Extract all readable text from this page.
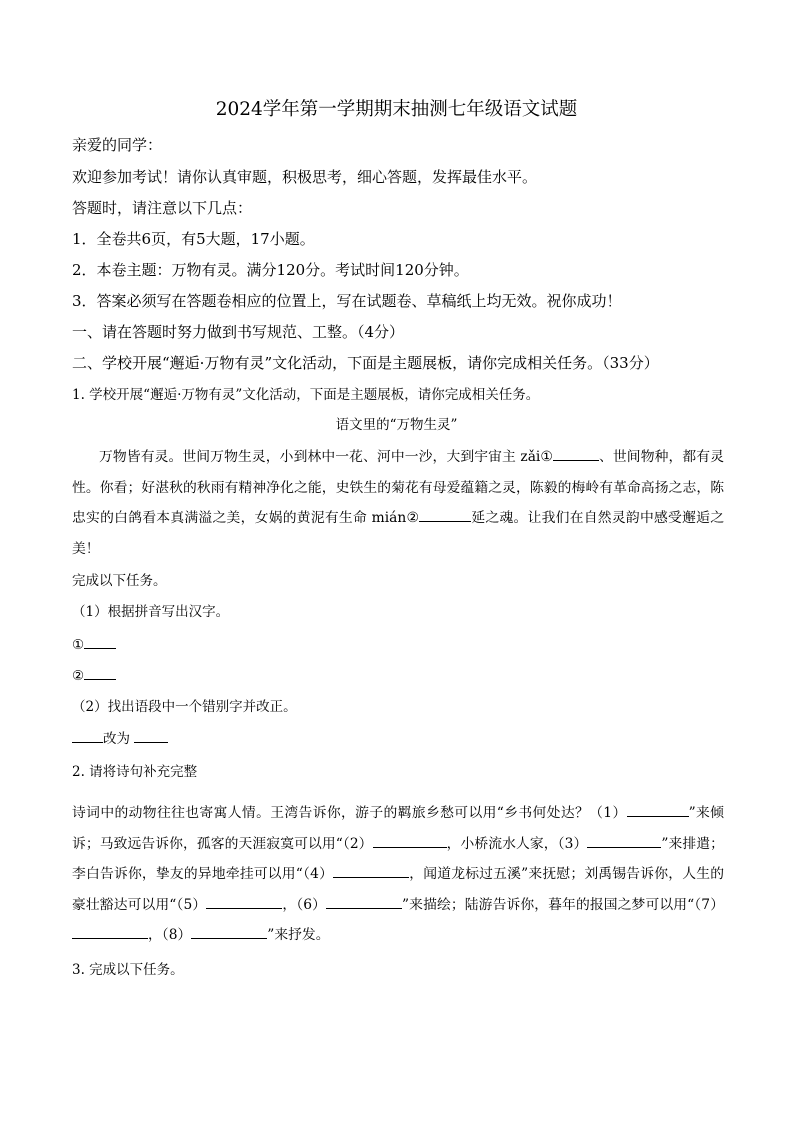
2024学年第一学期期末抽测七年级语文试题
亲爱的同学：
欢迎参加考试！请你认真审题，积极思考，细心答题，发挥最佳水平。
答题时，请注意以下几点：
1．全卷共6页，有5大题，17小题。
2．本卷主题：万物有灵。满分120分。考试时间120分钟。
3．答案必须写在答题卷相应的位置上，写在试题卷、草稿纸上均无效。祝你成功！
一、请在答题时努力做到书写规范、工整。（4分）
二、学校开展“邂逅·万物有灵”文化活动，下面是主题展板，请你完成相关任务。（33分）
1. 学校开展“邂逅·万物有灵”文化活动，下面是主题展板，请你完成相关任务。
语文里的“万物生灵”
万物皆有灵。世间万物生灵，小到林中一花、河中一沙，大到宇宙主 zǎi①	、世间物种，都有灵性。你看；好湛秋的秋雨有精神净化之能，史铁生的菊花有母爱蕴籍之灵，陈毅的梅岭有革命高扬之志，陈忠实的白鸽看本真满溢之美，女娲的黄泥有生命 mián②	延之魂。让我们在自然灵韵中感受邂逅之美！
完成以下任务。
（1）根据拼音写出汉字。
①
②
（2）找出语段中一个错别字并改正。
改为
2. 请将诗句补充完整
诗词中的动物往往也寄寓人情。王湾告诉你，游子的羁旅乡愁可以用“乡书何处达？（1）	”来倾诉；马致远告诉你，孤客的天涯寂寞可以用“（2）	，小桥流水人家，（3）	”来排遣；李白告诉你，挚友的异地牵挂可以用“（4）	，闻道龙标过五溪”来抚慰；刘禹锡告诉你，人生的豪壮豁达可以用“（5）	，（6）	”来描绘；陆游告诉你，暮年的报国之梦可以用“（7），（8）	”来抒发。
3. 完成以下任务。
